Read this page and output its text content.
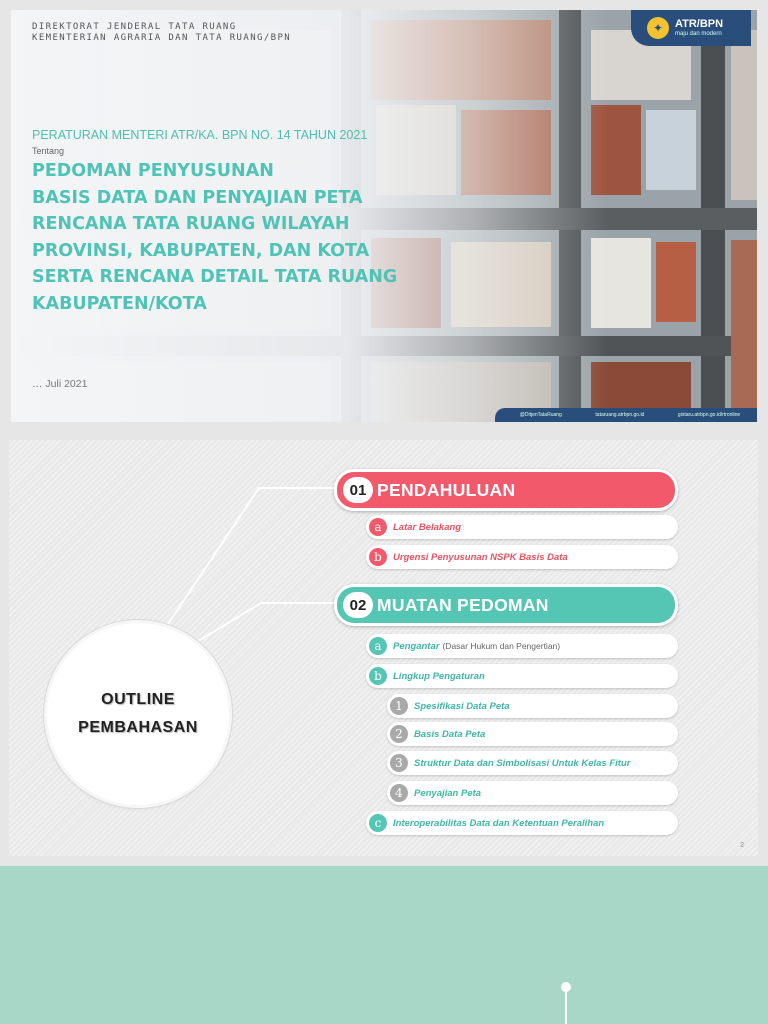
DIREKTORAT JENDERAL TATA RUANG
KEMENTERIAN AGRARIA DAN TATA RUANG/BPN
✦	ATR/BPN
maju dan modern
PERATURAN MENTERI ATR/KA. BPN NO. 14 TAHUN 2021
Tentang
PEDOMAN PENYUSUNAN
BASIS DATA DAN PENYAJIAN PETA
RENCANA TATA RUANG WILAYAH
PROVINSI, KABUPATEN, DAN KOTA
SERTA RENCANA DETAIL TATA RUANG
KABUPATEN/KOTA
… Juli 2021
@DitjenTataRuang	tataruang.atrbpn.go.id	gistaru.atrbpn.go.id/rtronline
OUTLINE
PEMBAHASAN
01 PENDAHULUAN
a	Latar Belakang
b	Urgensi Penyusunan NSPK Basis Data
02 MUATAN PEDOMAN
a	Pengantar (Dasar Hukum dan Pengertian)
b	Lingkup Pengaturan
1	Spesifikasi Data Peta
2	Basis Data Peta
3	Struktur Data dan Simbolisasi Untuk Kelas Fitur
4	Penyajian Peta
c	Interoperabilitas Data dan Ketentuan Peralihan
2
